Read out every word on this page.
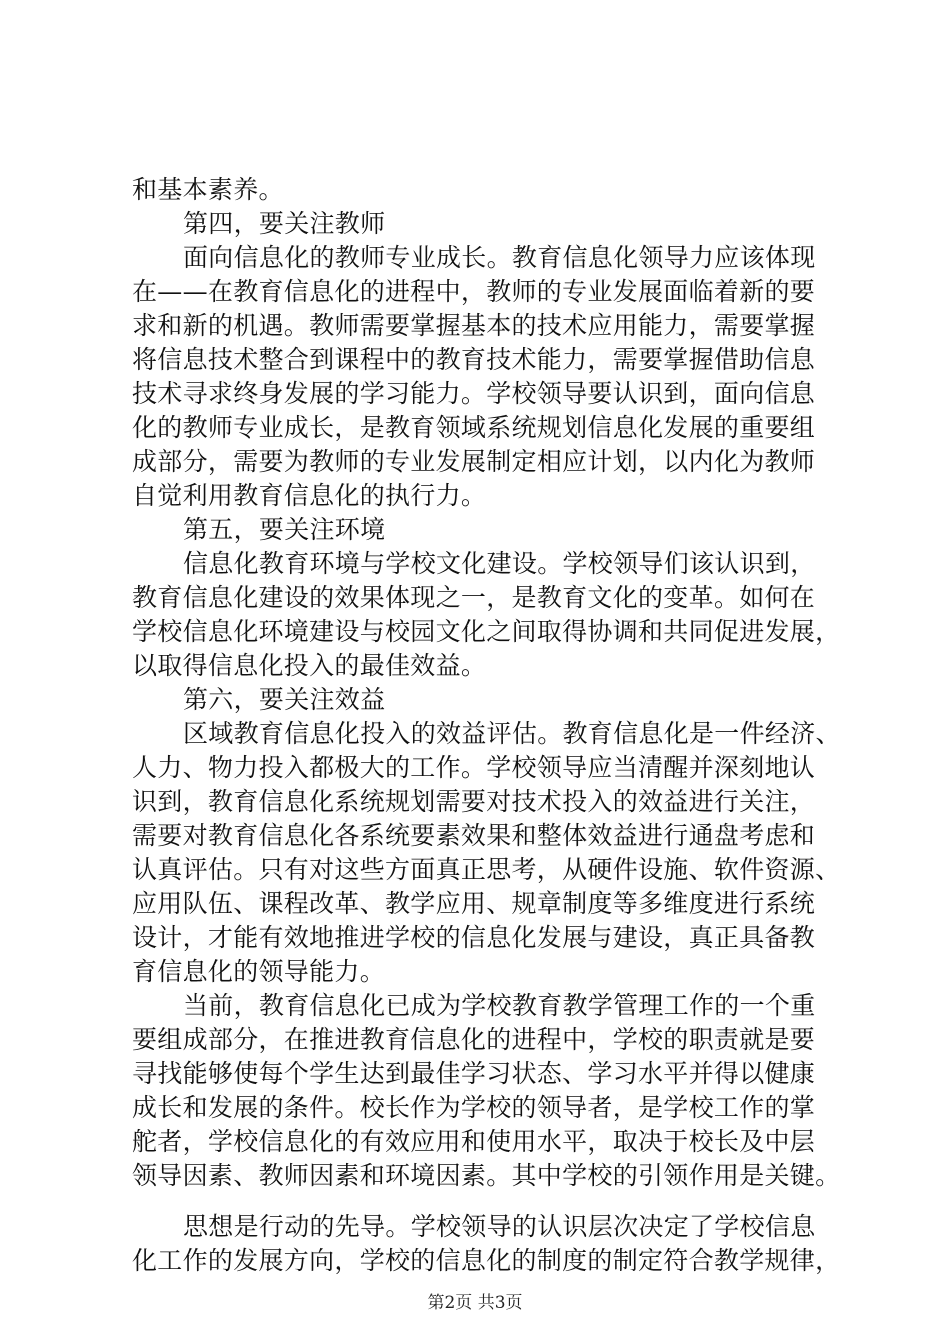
和基本素养。
第四，要关注教师
面向信息化的教师专业成长。教育信息化领导力应该体现
在——在教育信息化的进程中，教师的专业发展面临着新的要
求和新的机遇。教师需要掌握基本的技术应用能力，需要掌握
将信息技术整合到课程中的教育技术能力，需要掌握借助信息
技术寻求终身发展的学习能力。学校领导要认识到，面向信息
化的教师专业成长，是教育领域系统规划信息化发展的重要组
成部分，需要为教师的专业发展制定相应计划，以内化为教师
自觉利用教育信息化的执行力。
第五，要关注环境
信息化教育环境与学校文化建设。学校领导们该认识到，
教育信息化建设的效果体现之一，是教育文化的变革。如何在
学校信息化环境建设与校园文化之间取得协调和共同促进发展，
以取得信息化投入的最佳效益。
第六，要关注效益
区域教育信息化投入的效益评估。教育信息化是一件经济、
人力、物力投入都极大的工作。学校领导应当清醒并深刻地认
识到，教育信息化系统规划需要对技术投入的效益进行关注，
需要对教育信息化各系统要素效果和整体效益进行通盘考虑和
认真评估。只有对这些方面真正思考，从硬件设施、软件资源、
应用队伍、课程改革、教学应用、规章制度等多维度进行系统
设计，才能有效地推进学校的信息化发展与建设，真正具备教
育信息化的领导能力。
当前，教育信息化已成为学校教育教学管理工作的一个重
要组成部分，在推进教育信息化的进程中，学校的职责就是要
寻找能够使每个学生达到最佳学习状态、学习水平并得以健康
成长和发展的条件。校长作为学校的领导者，是学校工作的掌
舵者，学校信息化的有效应用和使用水平，取决于校长及中层
领导因素、教师因素和环境因素。其中学校的引领作用是关键。
思想是行动的先导。学校领导的认识层次决定了学校信息
化工作的发展方向，学校的信息化的制度的制定符合教学规律，
第2页 共3页
